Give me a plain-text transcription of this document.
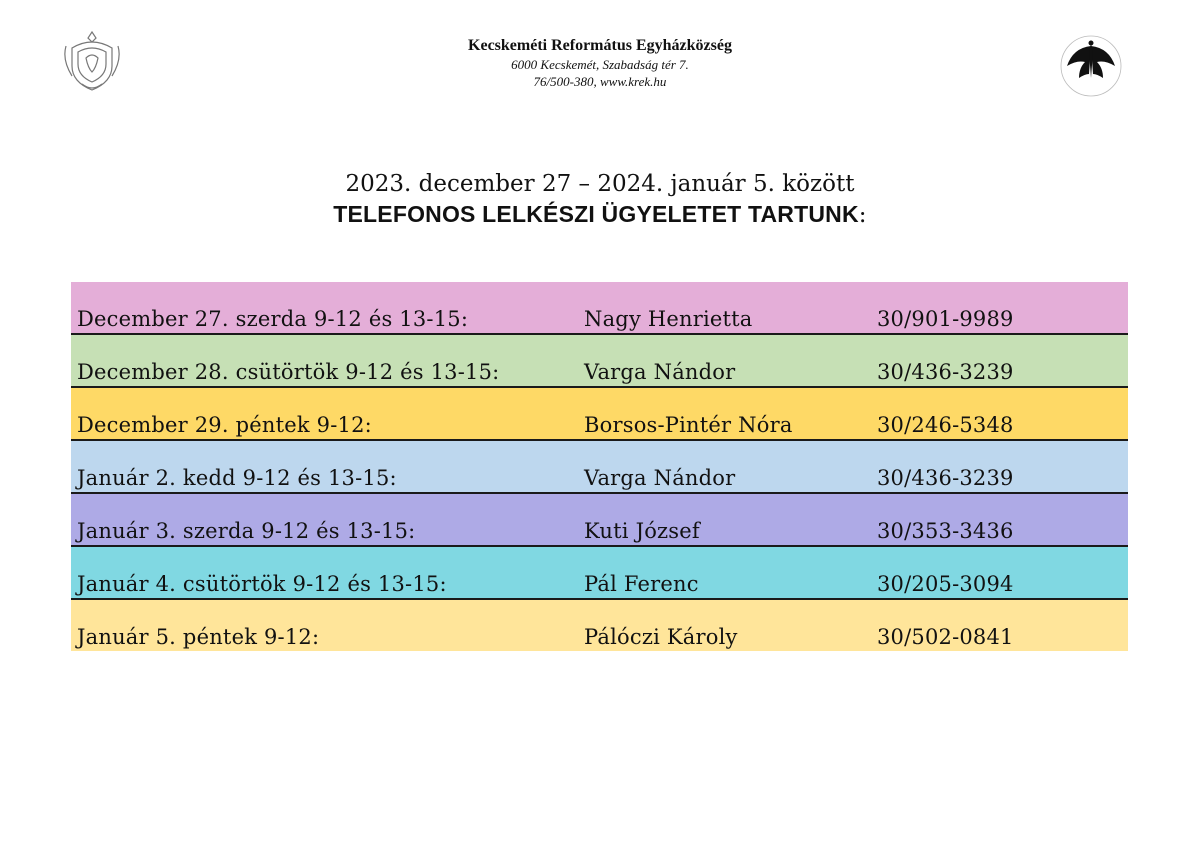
Kecskeméti Református Egyházközség
6000 Kecskemét, Szabadság tér 7.
76/500-380, www.krek.hu
2023. december 27 – 2024. január 5. között
TELEFONOS LELKÉSZI ÜGYELETET TARTUNK:
December 27. szerda 9-12 és 13-15:	Nagy Henrietta	30/901-9989
December 28. csütörtök 9-12 és 13-15:	Varga Nándor	30/436-3239
December 29. péntek 9-12:	Borsos-Pintér Nóra	30/246-5348
Január 2. kedd 9-12 és 13-15:	Varga Nándor	30/436-3239
Január 3. szerda 9-12 és 13-15:	Kuti József	30/353-3436
Január 4. csütörtök 9-12 és 13-15:	Pál Ferenc	30/205-3094
Január 5. péntek 9-12:	Pálóczi Károly	30/502-0841
